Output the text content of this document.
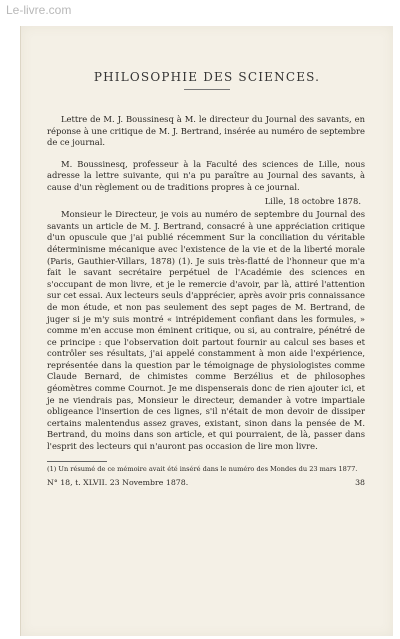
Le-livre.com
PHILOSOPHIE DES SCIENCES.

Lettre de M. J. Boussinesq à M. le directeur du Journal des savants, en réponse à une critique de M. J. Bertrand, insérée au numéro de septembre de ce journal.

M. Boussinesq, professeur à la Faculté des sciences de Lille, nous adresse la lettre suivante, qui n'a pu paraître au Journal des savants, à cause d'un règlement ou de traditions propres à ce journal.

Lille, 18 octobre 1878.

Monsieur le Directeur, je vois au numéro de septembre du Journal des savants un article de M. J. Bertrand, consacré à une appréciation critique d'un opuscule que j'ai publié récemment Sur la conciliation du véritable déterminisme mécanique avec l'existence de la vie et de la liberté morale (Paris, Gauthier-Villars, 1878) (1). Je suis très-flatté de l'honneur que m'a fait le savant secrétaire perpétuel de l'Académie des sciences en s'occupant de mon livre, et je le remercie d'avoir, par là, attiré l'attention sur cet essai. Aux lecteurs seuls d'apprécier, après avoir pris connaissance de mon étude, et non pas seulement des sept pages de M. Bertrand, de juger si je m'y suis montré « intrépidement confiant dans les formules, » comme m'en accuse mon éminent critique, ou si, au contraire, pénétré de ce principe : que l'observation doit partout fournir au calcul ses bases et contrôler ses résultats, j'ai appelé constamment à mon aide l'expérience, représentée dans la question par le témoignage de physiologistes comme Claude Bernard, de chimistes comme Berzélius et de philosophes géomètres comme Cournot. Je me dispenserais donc de rien ajouter ici, et je ne viendrais pas, Monsieur le directeur, demander à votre impartiale obligeance l'insertion de ces lignes, s'il n'était de mon devoir de dissiper certains malentendus assez graves, existant, sinon dans la pensée de M. Bertrand, du moins dans son article, et qui pourraient, de là, passer dans l'esprit des lecteurs qui n'auront pas occasion de lire mon livre.

(1) Un résumé de ce mémoire avait été inséré dans le numéro des Mondes du 23 mars 1877.

N° 18, t. XLVII. 23 Novembre 1878.	38
